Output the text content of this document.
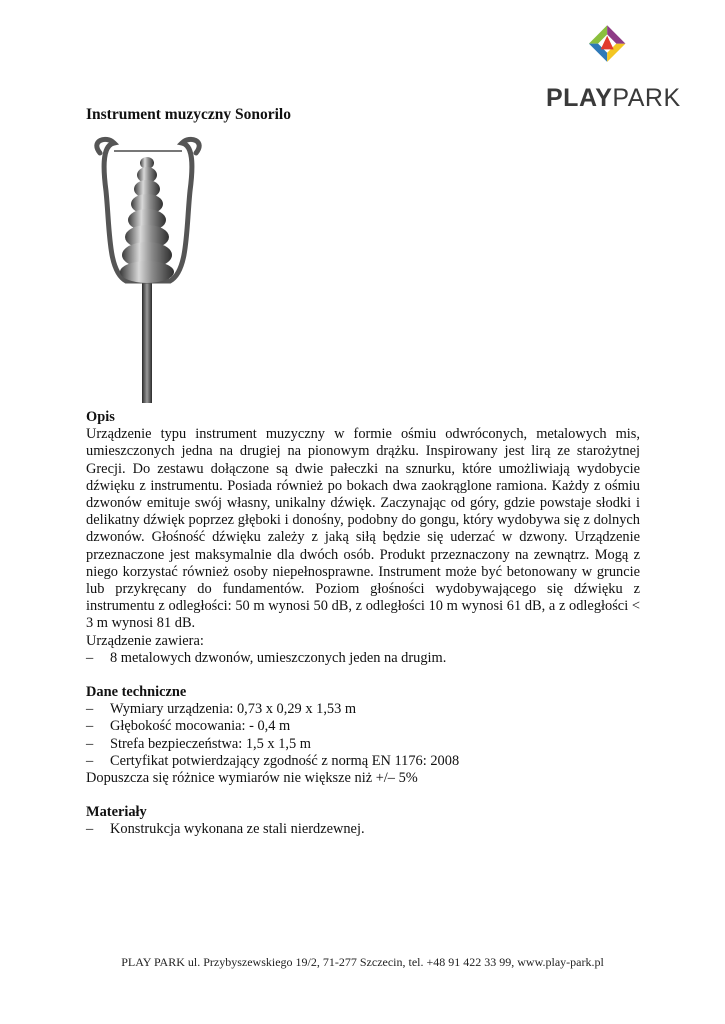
PLAYPARK
Instrument muzyczny Sonorilo
Opis

Urządzenie typu instrument muzyczny w formie ośmiu odwróconych, metalowych mis, umieszczonych jedna na drugiej na pionowym drążku. Inspirowany jest lirą ze starożytnej Grecji. Do zestawu dołączone są dwie pałeczki na sznurku, które umożliwiają wydobycie dźwięku z instrumentu. Posiada również po bokach dwa zaokrąglone ramiona. Każdy z ośmiu dzwonów emituje swój własny, unikalny dźwięk. Zaczynając od góry, gdzie powstaje słodki i delikatny dźwięk poprzez głęboki i donośny, podobny do gongu, który wydobywa się z dolnych dzwonów. Głośność dźwięku zależy z jaką siłą będzie się uderzać w dzwony. Urządzenie przeznaczone jest maksymalnie dla dwóch osób. Produkt przeznaczony na zewnątrz. Mogą z niego korzystać również osoby niepełnosprawne. Instrument może być betonowany w gruncie lub przykręcany do fundamentów. Poziom głośności wydobywającego się dźwięku z instrumentu z odległości: 50 m wynosi 50 dB, z odległości 10 m wynosi 61 dB, a z odległości < 3 m wynosi 81 dB.

Urządzenie zawiera:

– 8 metalowych dzwonów, umieszczonych jeden na drugim.
Dane techniczne
– Wymiary urządzenia: 0,73 x 0,29 x 1,53 m
– Głębokość mocowania: - 0,4 m
– Strefa bezpieczeństwa: 1,5 x 1,5 m
– Certyfikat potwierdzający zgodność z normą EN 1176: 2008

Dopuszcza się różnice wymiarów nie większe niż +/– 5%

Materiały
– Konstrukcja wykonana ze stali nierdzewnej.
PLAY PARK ul. Przybyszewskiego 19/2, 71-277 Szczecin, tel. +48 91 422 33 99, www.play-park.pl
